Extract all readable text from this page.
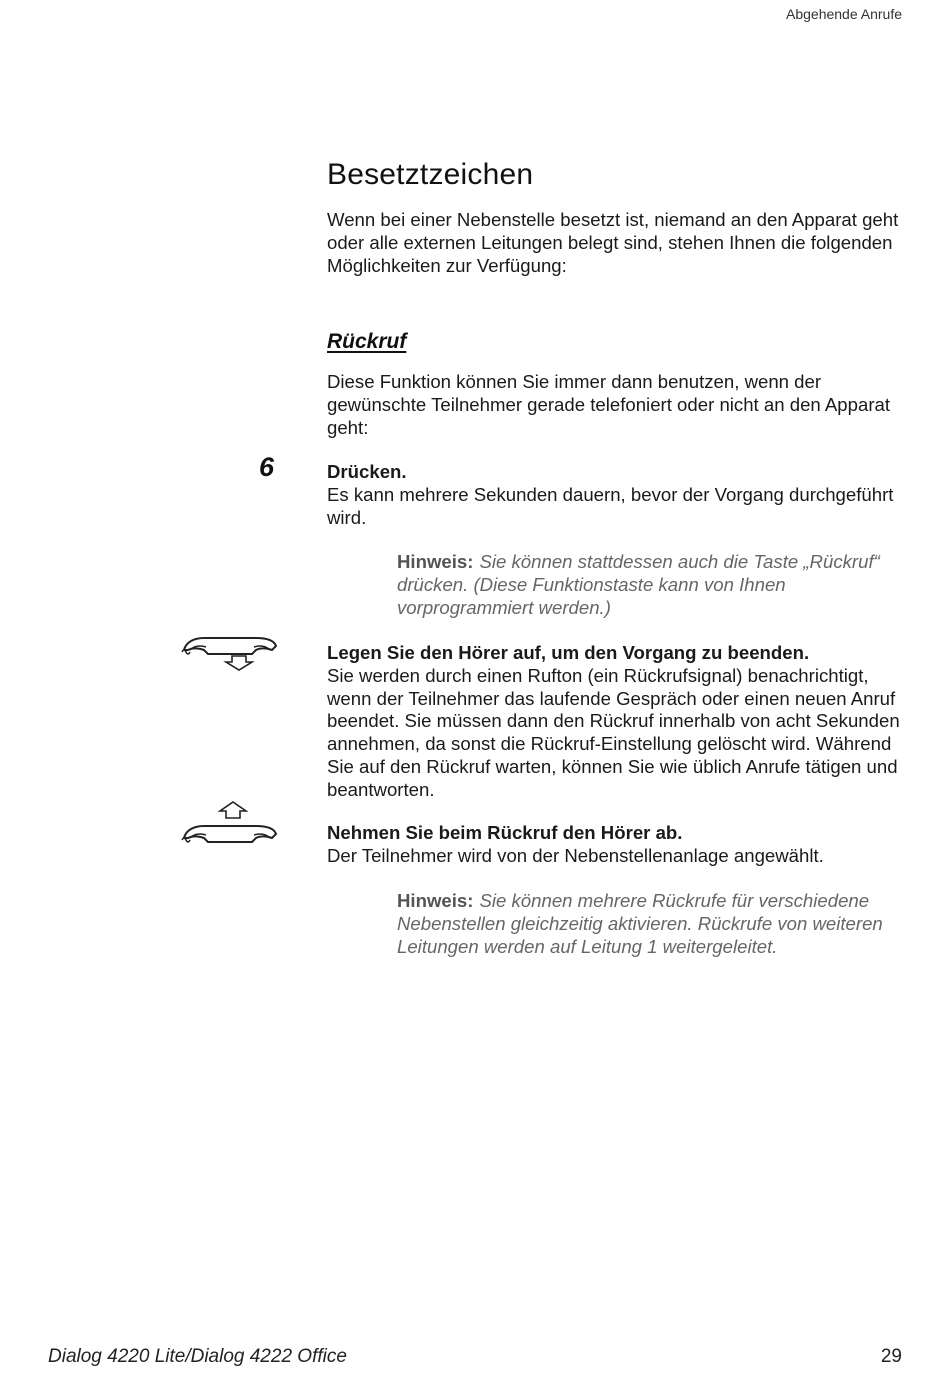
Abgehende Anrufe
Besetztzeichen

Wenn bei einer Nebenstelle besetzt ist, niemand an den Apparat geht oder alle externen Leitungen belegt sind, stehen Ihnen die folgenden Möglichkeiten zur Verfügung:

Rückruf

Diese Funktion können Sie immer dann benutzen, wenn der gewünschte Teilnehmer gerade telefoniert oder nicht an den Apparat geht:

6	Drücken.
Es kann mehrere Sekunden dauern, bevor der Vorgang durchgeführt wird.
Hinweis: Sie können stattdessen auch die Taste „Rückruf“ drücken. (Diese Funktionstaste kann von Ihnen vorprogrammiert werden.)
Legen Sie den Hörer auf, um den Vorgang zu beenden.
Sie werden durch einen Rufton (ein Rückrufsignal) benachrichtigt, wenn der Teilnehmer das laufende Gespräch oder einen neuen Anruf beendet. Sie müssen dann den Rückruf innerhalb von acht Sekunden annehmen, da sonst die Rückruf-Einstellung gelöscht wird. Während Sie auf den Rückruf warten, können Sie wie üblich Anrufe tätigen und beantworten.
Nehmen Sie beim Rückruf den Hörer ab.
Der Teilnehmer wird von der Nebenstellenanlage angewählt.
Hinweis: Sie können mehrere Rückrufe für verschiedene Nebenstellen gleichzeitig aktivieren. Rückrufe von weiteren Leitungen werden auf Leitung 1 weitergeleitet.
Dialog 4220 Lite/Dialog 4222 Office	29
